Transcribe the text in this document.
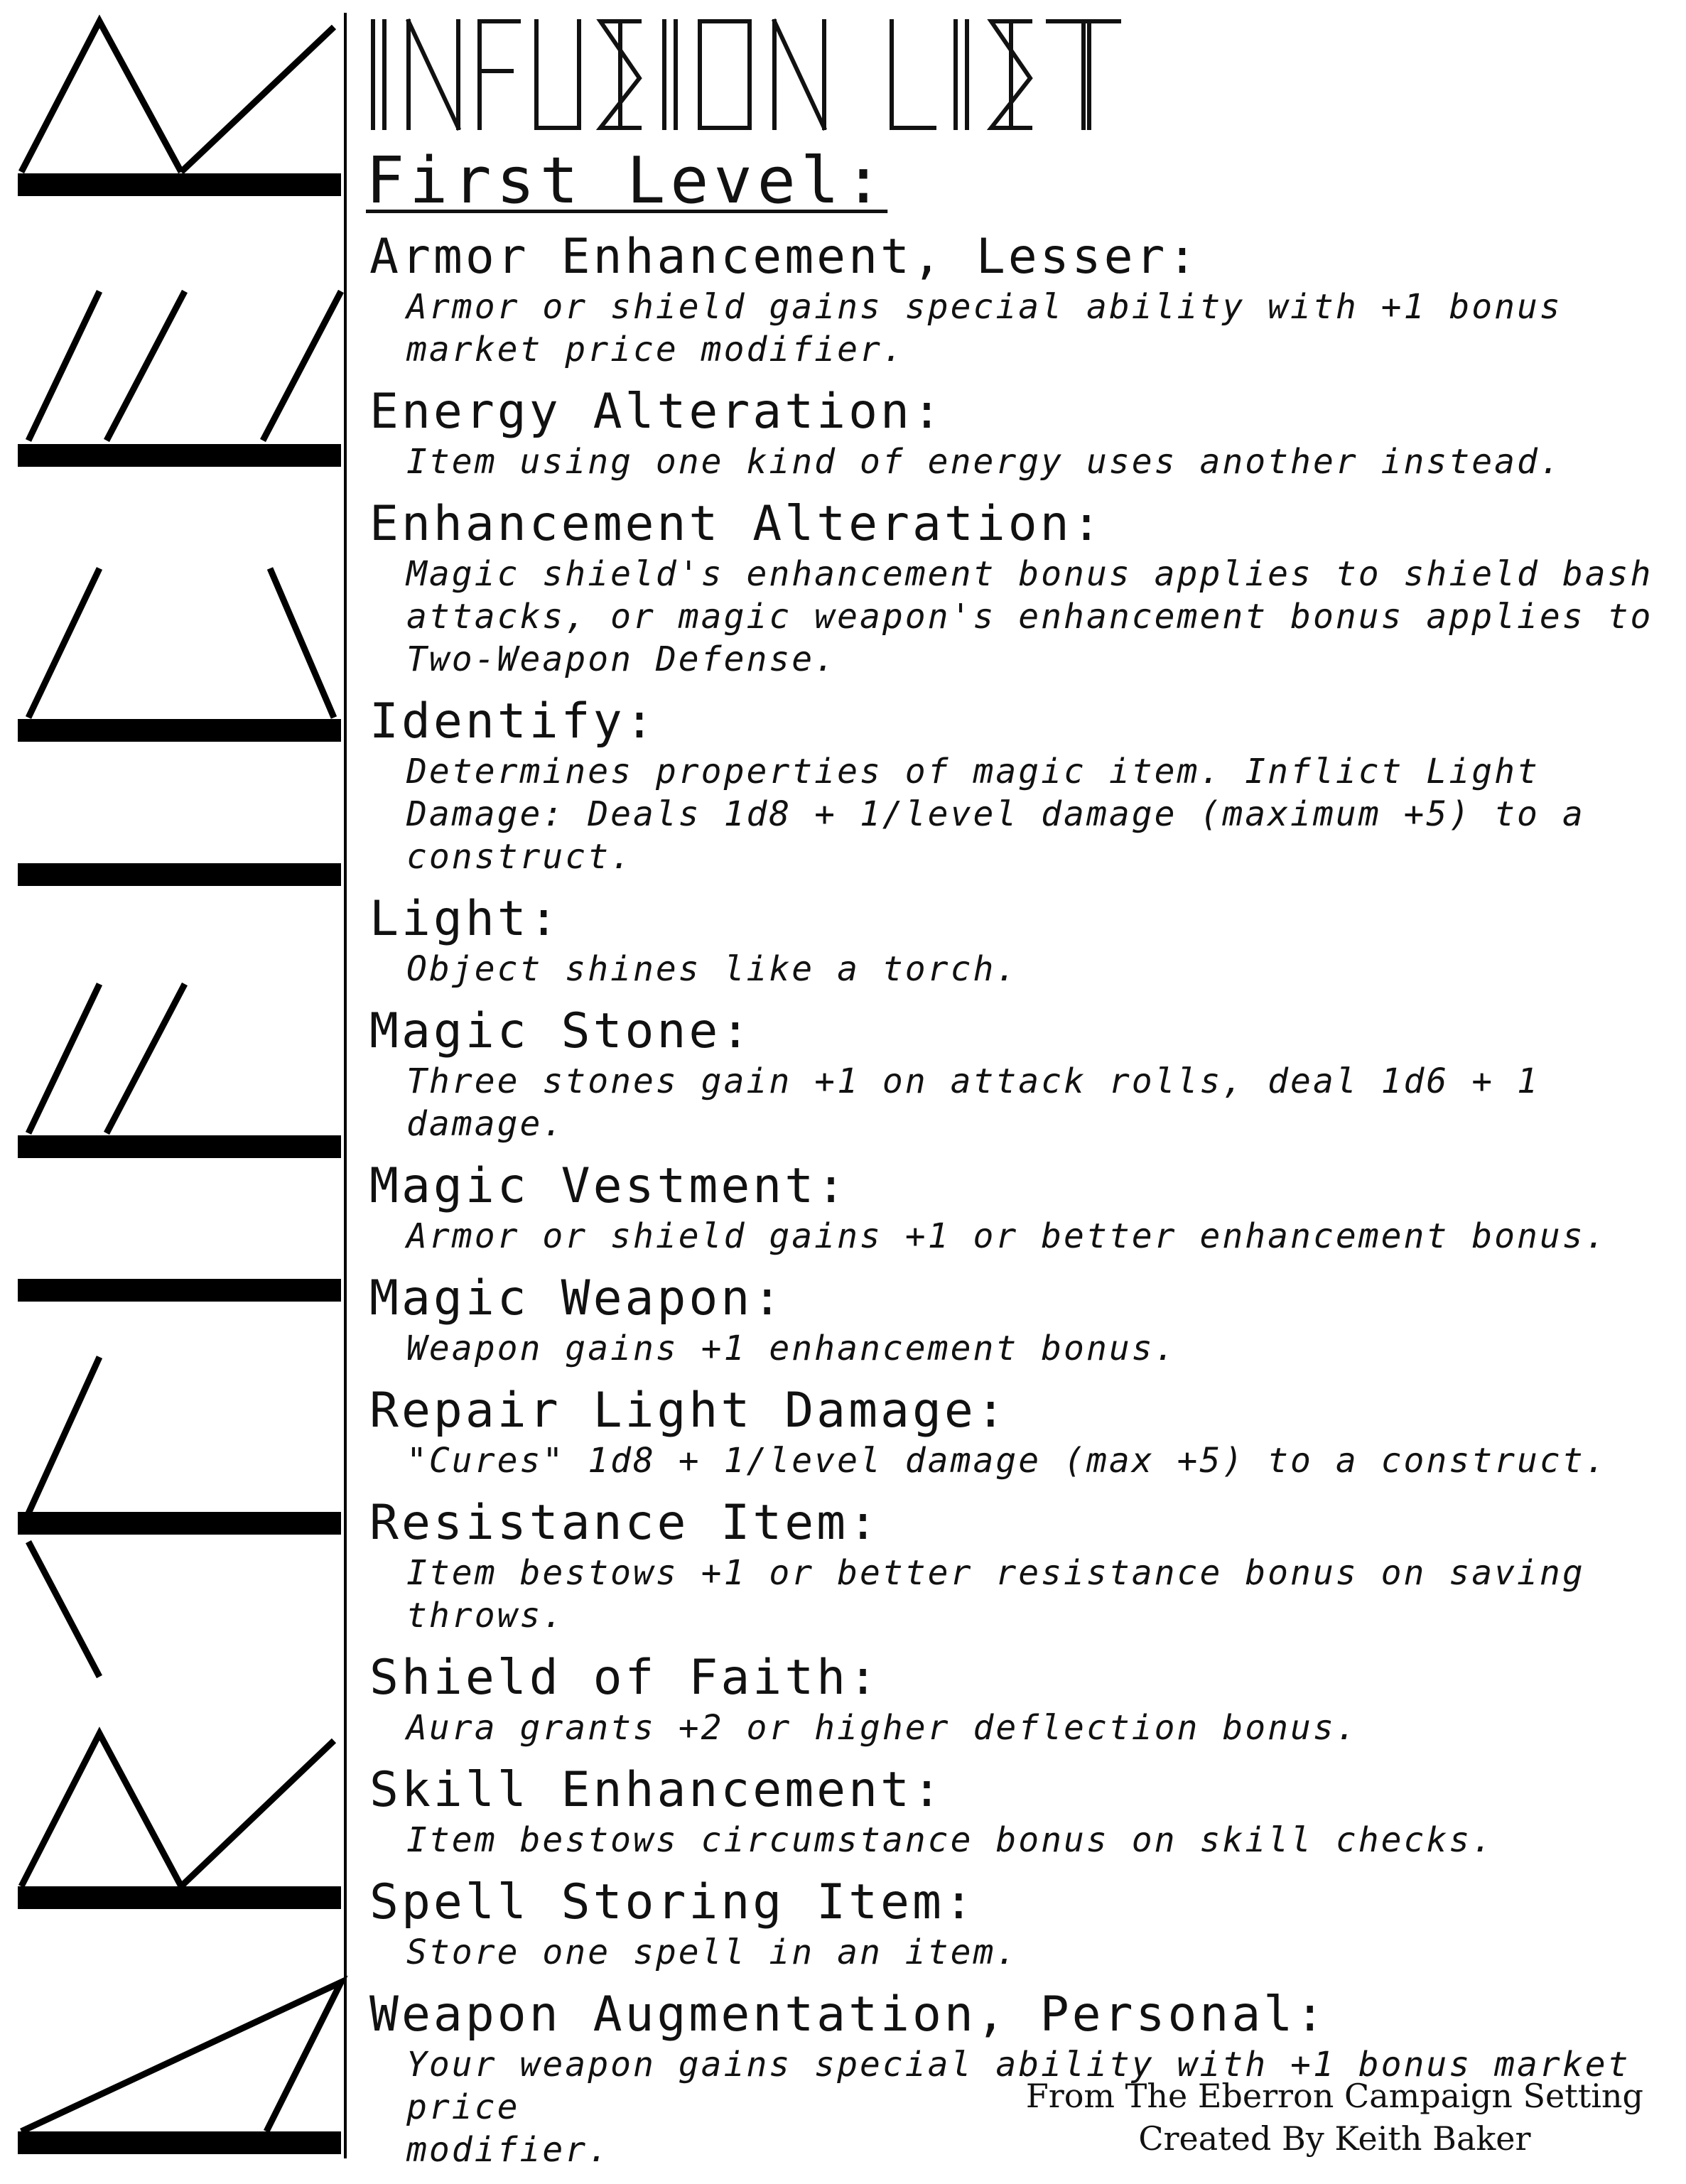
First Level:
Armor Enhancement, Lesser:
Armor or shield gains special ability with +1 bonus market price modifier.
Energy Alteration:
Item using one kind of energy uses another instead.
Enhancement Alteration:
Magic shield's enhancement bonus applies to shield bash attacks, or magic weapon's enhancement bonus applies to Two-Weapon Defense.
Identify:
Determines properties of magic item. Inflict Light Damage: Deals 1d8 + 1/level damage (maximum +5) to a construct.
Light:
Object shines like a torch.
Magic Stone:
Three stones gain +1 on attack rolls, deal 1d6 + 1 damage.
Magic Vestment:
Armor or shield gains +1 or better enhancement bonus.
Magic Weapon:
Weapon gains +1 enhancement bonus.
Repair Light Damage:
"Cures" 1d8 + 1/level damage (max +5) to a construct.
Resistance Item:
Item bestows +1 or better resistance bonus on saving throws.
Shield of Faith:
Aura grants +2 or higher deflection bonus.
Skill Enhancement:
Item bestows circumstance bonus on skill checks.
Spell Storing Item:
Store one spell in an item.
Weapon Augmentation, Personal:
Your weapon gains special ability with +1 bonus market
price
modifier.
From The Eberron Campaign Setting
Created By Keith Baker
